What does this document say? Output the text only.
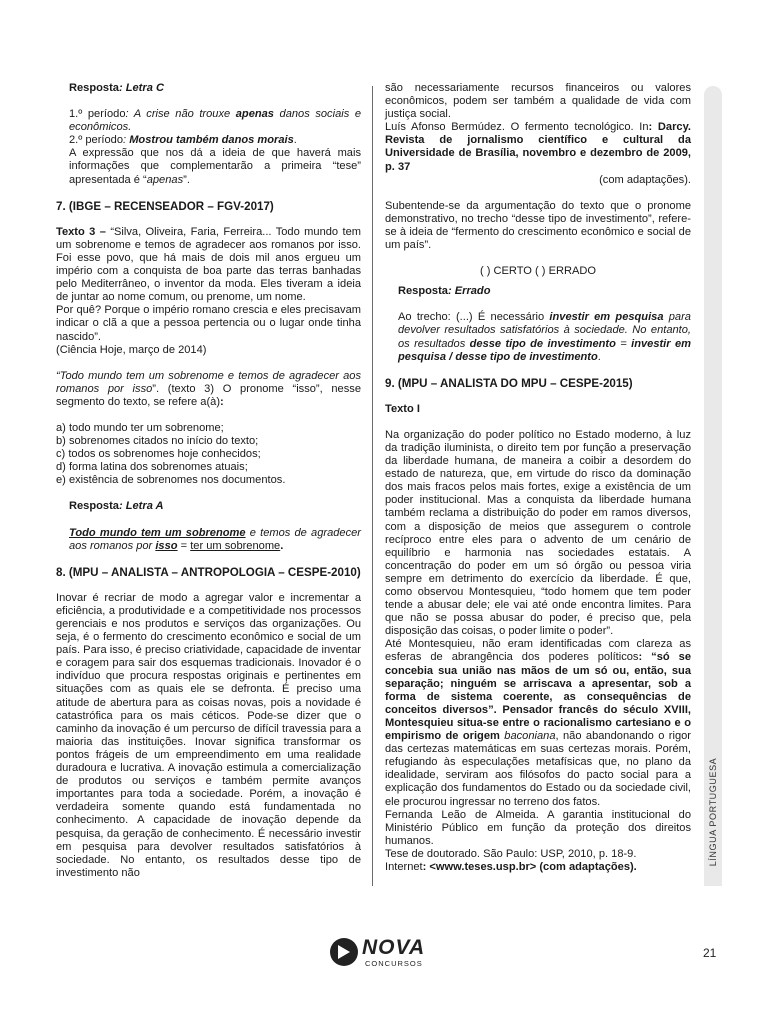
Resposta: Letra C

1.º período: A crise não trouxe apenas danos sociais e econômicos.

2.º período: Mostrou também danos morais.

A expressão que nos dá a ideia de que haverá mais informações que complementarão a primeira “tese” apresentada é “apenas”.

7. (IBGE – RECENSEADOR – FGV-2017)

Texto 3 – “Silva, Oliveira, Faria, Ferreira... Todo mundo tem um sobrenome e temos de agradecer aos romanos por isso. Foi esse povo, que há mais de dois mil anos ergueu um império com a conquista de boa parte das terras banhadas pelo Mediterrâneo, o inventor da moda. Eles tiveram a ideia de juntar ao nome comum, ou prenome, um nome.

Por quê? Porque o império romano crescia e eles precisavam indicar o clã a que a pessoa pertencia ou o lugar onde tinha nascido”.

(Ciência Hoje, março de 2014)

“Todo mundo tem um sobrenome e temos de agradecer aos romanos por isso”. (texto 3) O pronome “isso”, nesse segmento do texto, se refere a(à):

a) todo mundo ter um sobrenome;

b) sobrenomes citados no início do texto;

c) todos os sobrenomes hoje conhecidos;

d) forma latina dos sobrenomes atuais;

e) existência de sobrenomes nos documentos.

Resposta: Letra A

Todo mundo tem um sobrenome e temos de agradecer aos romanos por isso = ter um sobrenome.

8. (MPU – ANALISTA – ANTROPOLOGIA – CESPE-2010)

Inovar é recriar de modo a agregar valor e incrementar a eficiência, a produtividade e a competitividade nos processos gerenciais e nos produtos e serviços das organizações. Ou seja, é o fermento do crescimento econômico e social de um país. Para isso, é preciso criatividade, capacidade de inventar e coragem para sair dos esquemas tradicionais. Inovador é o indivíduo que procura respostas originais e pertinentes em situações com as quais ele se defronta. É preciso uma atitude de abertura para as coisas novas, pois a novidade é catastrófica para os mais céticos. Pode-se dizer que o caminho da inovação é um percurso de difícil travessia para a maioria das instituições. Inovar significa transformar os pontos frágeis de um empreendimento em uma realidade duradoura e lucrativa. A inovação estimula a comercialização de produtos ou serviços e também permite avanços importantes para toda a sociedade. Porém, a inovação é verdadeira somente quando está fundamentada no conhecimento. A capacidade de inovação depende da pesquisa, da geração de conhecimento. É necessário investir em pesquisa para devolver resultados satisfatórios à sociedade. No entanto, os resultados desse tipo de investimento não

são necessariamente recursos financeiros ou valores econômicos, podem ser também a qualidade de vida com justiça social.

Luís Afonso Bermúdez. O fermento tecnológico. In: Darcy. Revista de jornalismo científico e cultural da Universidade de Brasília, novembro e dezembro de 2009, p. 37

(com adaptações).

Subentende-se da argumentação do texto que o pronome demonstrativo, no trecho “desse tipo de investimento”, refere-se à ideia de “fermento do crescimento econômico e social de um país”.

( ) CERTO ( ) ERRADO

Resposta: Errado

Ao trecho: (...) É necessário investir em pesquisa para devolver resultados satisfatórios à sociedade. No entanto, os resultados desse tipo de investimento = investir em pesquisa / desse tipo de investimento.

9. (MPU – ANALISTA DO MPU – CESPE-2015)

Texto I

Na organização do poder político no Estado moderno, à luz da tradição iluminista, o direito tem por função a preservação da liberdade humana, de maneira a coibir a desordem do estado de natureza, que, em virtude do risco da dominação dos mais fracos pelos mais fortes, exige a existência de um poder institucional. Mas a conquista da liberdade humana também reclama a distribuição do poder em ramos diversos, com a disposição de meios que assegurem o controle recíproco entre eles para o advento de um cenário de equilíbrio e harmonia nas sociedades estatais. A concentração do poder em um só órgão ou pessoa viria sempre em detrimento do exercício da liberdade. É que, como observou Montesquieu, “todo homem que tem poder tende a abusar dele; ele vai até onde encontra limites. Para que não se possa abusar do poder, é preciso que, pela disposição das coisas, o poder limite o poder”.

Até Montesquieu, não eram identificadas com clareza as esferas de abrangência dos poderes políticos: “só se concebia sua união nas mãos de um só ou, então, sua separação; ninguém se arriscava a apresentar, sob a forma de sistema coerente, as consequências de conceitos diversos”. Pensador francês do século XVIII, Montesquieu situa-se entre o racionalismo cartesiano e o empirismo de origem baconiana, não abandonando o rigor das certezas matemáticas em suas certezas morais. Porém, refugiando às especulações metafísicas que, no plano da idealidade, serviram aos filósofos do pacto social para a explicação dos fundamentos do Estado ou da sociedade civil, ele procurou ingressar no terreno dos fatos.

Fernanda Leão de Almeida. A garantia institucional do Ministério Público em função da proteção dos direitos humanos.

Tese de doutorado. São Paulo: USP, 2010, p. 18-9.

Internet: <www.teses.usp.br> (com adaptações).

LÍNGUA PORTUGUESA
NOVA
CONCURSOS
21
